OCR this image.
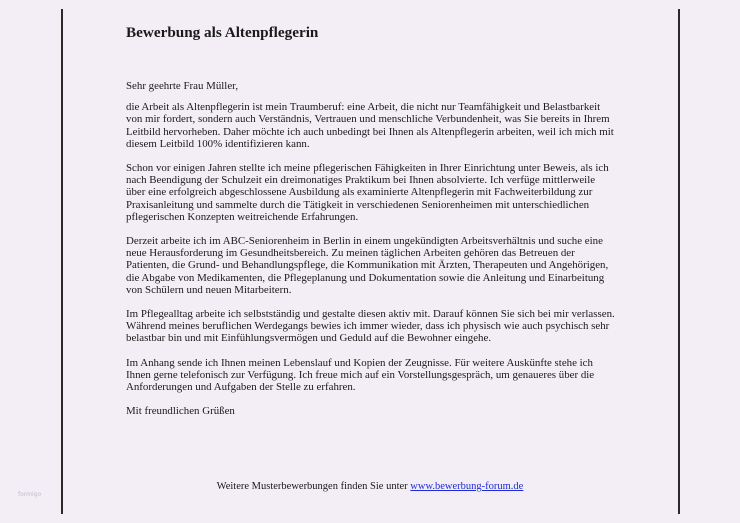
Bewerbung als Altenpflegerin

Sehr geehrte Frau Müller,

die Arbeit als Altenpflegerin ist mein Traumberuf: eine Arbeit, die nicht nur Teamfähigkeit und Belastbarkeit von mir fordert, sondern auch Verständnis, Vertrauen und menschliche Verbundenheit, was Sie bereits in Ihrem Leitbild hervorheben. Daher möchte ich auch unbedingt bei Ihnen als Altenpflegerin arbeiten, weil ich mich mit diesem Leitbild 100% identifizieren kann.

Schon vor einigen Jahren stellte ich meine pflegerischen Fähigkeiten in Ihrer Einrichtung unter Beweis, als ich nach Beendigung der Schulzeit ein dreimonatiges Praktikum bei Ihnen absolvierte. Ich verfüge mittlerweile über eine erfolgreich abgeschlossene Ausbildung als examinierte Altenpflegerin mit Fachweiterbildung zur Praxisanleitung und sammelte durch die Tätigkeit in verschiedenen Seniorenheimen mit unterschiedlichen pflegerischen Konzepten weitreichende Erfahrungen.

Derzeit arbeite ich im ABC-Seniorenheim in Berlin in einem ungekündigten Arbeitsverhältnis und suche eine neue Herausforderung im Gesundheitsbereich. Zu meinen täglichen Arbeiten gehören das Betreuen der Patienten, die Grund- und Behandlungspflege, die Kommunikation mit Ärzten, Therapeuten und Angehörigen, die Abgabe von Medikamenten, die Pflegeplanung und Dokumentation sowie die Anleitung und Einarbeitung von Schülern und neuen Mitarbeitern.

Im Pflegealltag arbeite ich selbstständig und gestalte diesen aktiv mit. Darauf können Sie sich bei mir verlassen. Während meines beruflichen Werdegangs bewies ich immer wieder, dass ich physisch wie auch psychisch sehr belastbar bin und mit Einfühlungsvermögen und Geduld auf die Bewohner eingehe.

Im Anhang sende ich Ihnen meinen Lebenslauf und Kopien der Zeugnisse. Für weitere Auskünfte stehe ich Ihnen gerne telefonisch zur Verfügung. Ich freue mich auf ein Vorstellungsgespräch, um genaueres über die Anforderungen und Aufgaben der Stelle zu erfahren.

Mit freundlichen Grüßen

Weitere Musterbewerbungen finden Sie unter www.bewerbung-forum.de
formigo
